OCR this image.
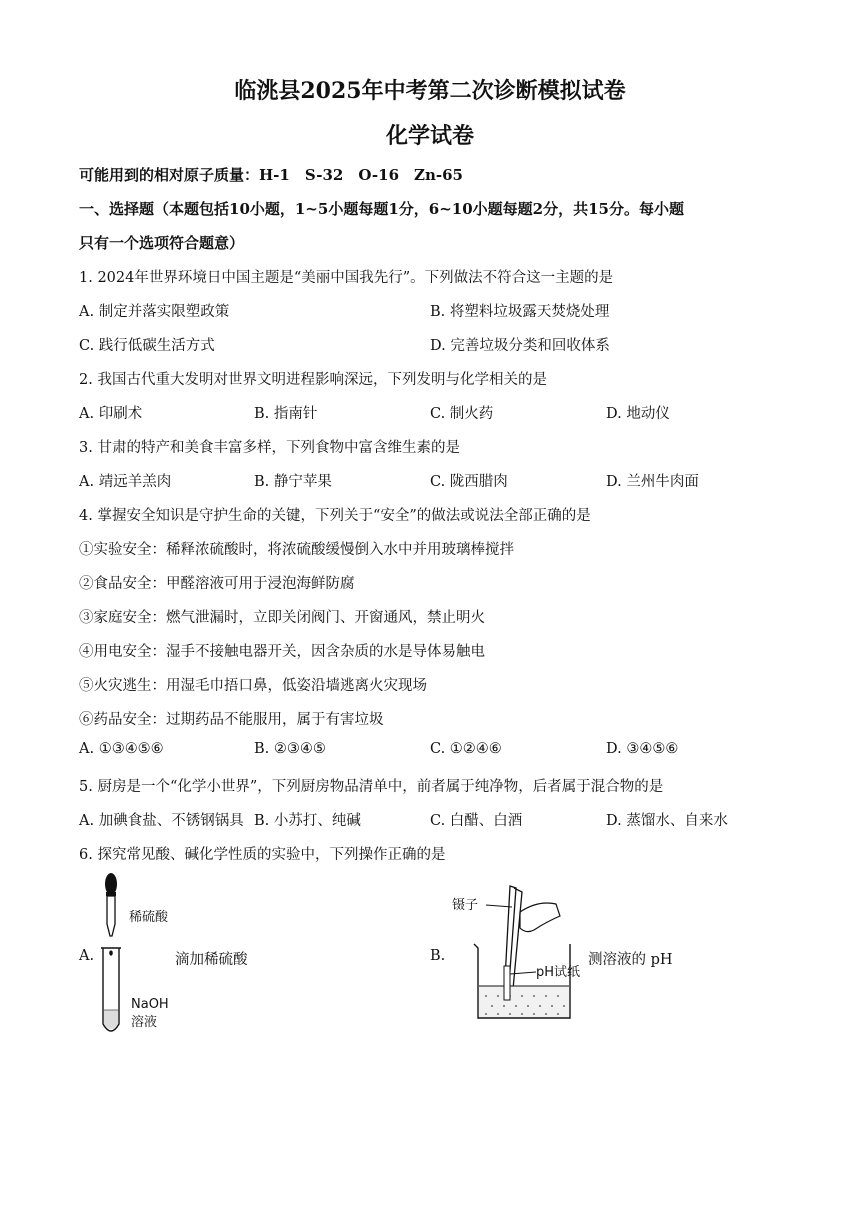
临洮县2025年中考第二次诊断模拟试卷
化学试卷
可能用到的相对原子质量：H-1　S-32　O-16　Zn-65
一、选择题（本题包括10小题，1~5小题每题1分，6~10小题每题2分，共15分。每小题
只有一个选项符合题意）
1. 2024年世界环境日中国主题是“美丽中国我先行”。下列做法不符合这一主题的是
A. 制定并落实限塑政策	B. 将塑料垃圾露天焚烧处理
C. 践行低碳生活方式	D. 完善垃圾分类和回收体系
2. 我国古代重大发明对世界文明进程影响深远，下列发明与化学相关的是
A. 印刷术	B. 指南针	C. 制火药	D. 地动仪
3. 甘肃的特产和美食丰富多样，下列食物中富含维生素的是
A. 靖远羊羔肉	B. 静宁苹果	C. 陇西腊肉	D. 兰州牛肉面
4. 掌握安全知识是守护生命的关键，下列关于“安全”的做法或说法全部正确的是
①实验安全：稀释浓硫酸时，将浓硫酸缓慢倒入水中并用玻璃棒搅拌
②食品安全：甲醛溶液可用于浸泡海鲜防腐
③家庭安全：燃气泄漏时，立即关闭阀门、开窗通风，禁止明火
④用电安全：湿手不接触电器开关，因含杂质的水是导体易触电
⑤火灾逃生：用湿毛巾捂口鼻，低姿沿墙逃离火灾现场
⑥药品安全：过期药品不能服用，属于有害垃圾
A. ①③④⑤⑥	B. ②③④⑤	C. ①②④⑥	D. ③④⑤⑥
5. 厨房是一个“化学小世界”，下列厨房物品清单中，前者属于纯净物，后者属于混合物的是
A. 加碘食盐、不锈钢锅具 B. 小苏打、纯碱	C. 白醋、白酒	D. 蒸馏水、自来水
6. 探究常见酸、碱化学性质的实验中，下列操作正确的是
A.	滴加稀硫酸	B.	测溶液的 pH
稀硫酸
NaOH
溶液
镊子
pH试纸
